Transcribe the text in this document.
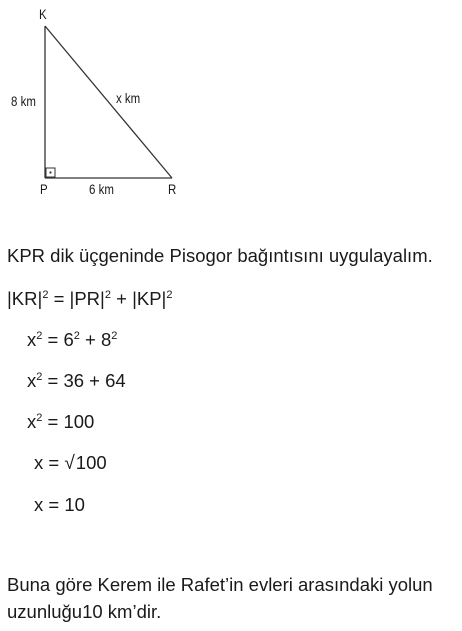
K
8 km	x km
P	6 km	R
KPR dik üçgeninde Pisogor bağıntısını uygulayalım.
$|KR|^2 = |PR|^2 + |KP|^2$
$x^2 = 6^2 + 8^2$
$x^2 = 36 + 64$
$x^2 = 100$
x = √100
x = 10
Buna göre Kerem ile Rafet’in evleri arasındaki yolun
uzunluğu10 km’dir.
